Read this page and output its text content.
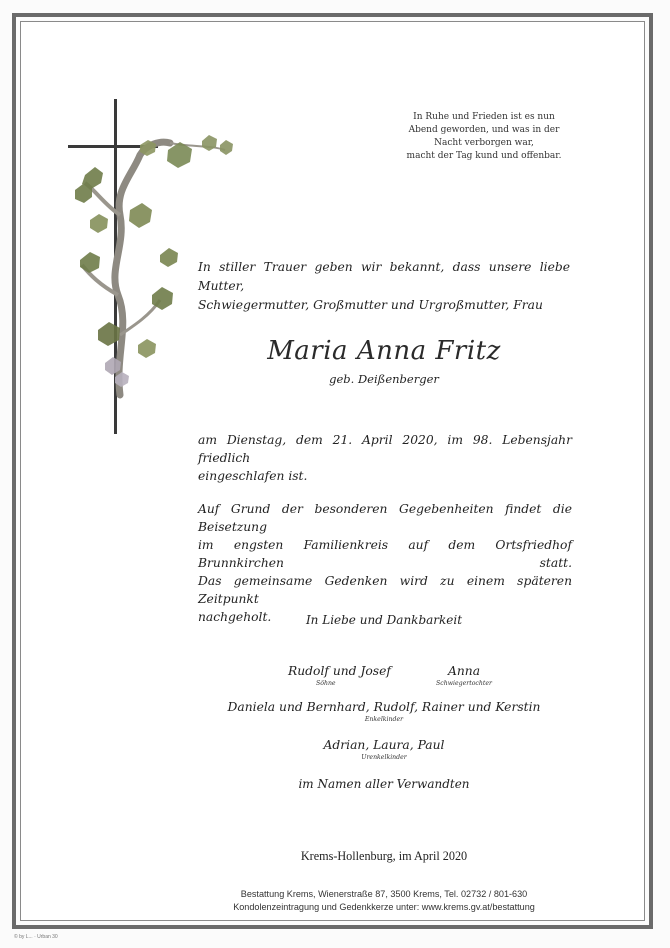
In Ruhe und Frieden ist es nun
Abend geworden, und was in der
Nacht verborgen war,
macht der Tag kund und offenbar.
In stiller Trauer geben wir bekannt, dass unsere liebe Mutter,
Schwiegermutter, Großmutter und Urgroßmutter, Frau
Maria Anna Fritz
geb. Deißenberger
am Dienstag, dem 21. April 2020, im 98. Lebensjahr friedlich
eingeschlafen ist.
Auf Grund der besonderen Gegebenheiten findet die Beisetzung
im engsten Familienkreis auf dem Ortsfriedhof Brunnkirchen statt.
Das gemeinsame Gedenken wird zu einem späteren Zeitpunkt
nachgeholt.	In Liebe und Dankbarkeit
Rudolf und Josef
Söhne
Anna
Schwiegertochter
Daniela und Bernhard, Rudolf, Rainer und Kerstin
Enkelkinder
Adrian, Laura, Paul
Urenkelkinder
im Namen aller Verwandten
Krems-Hollenburg, im April 2020
Bestattung Krems, Wienerstraße 87, 3500 Krems, Tel. 02732 / 801-630
Kondolenzeintragung und Gedenkkerze unter: www.krems.gv.at/bestattung
© by L... · Urban 30
